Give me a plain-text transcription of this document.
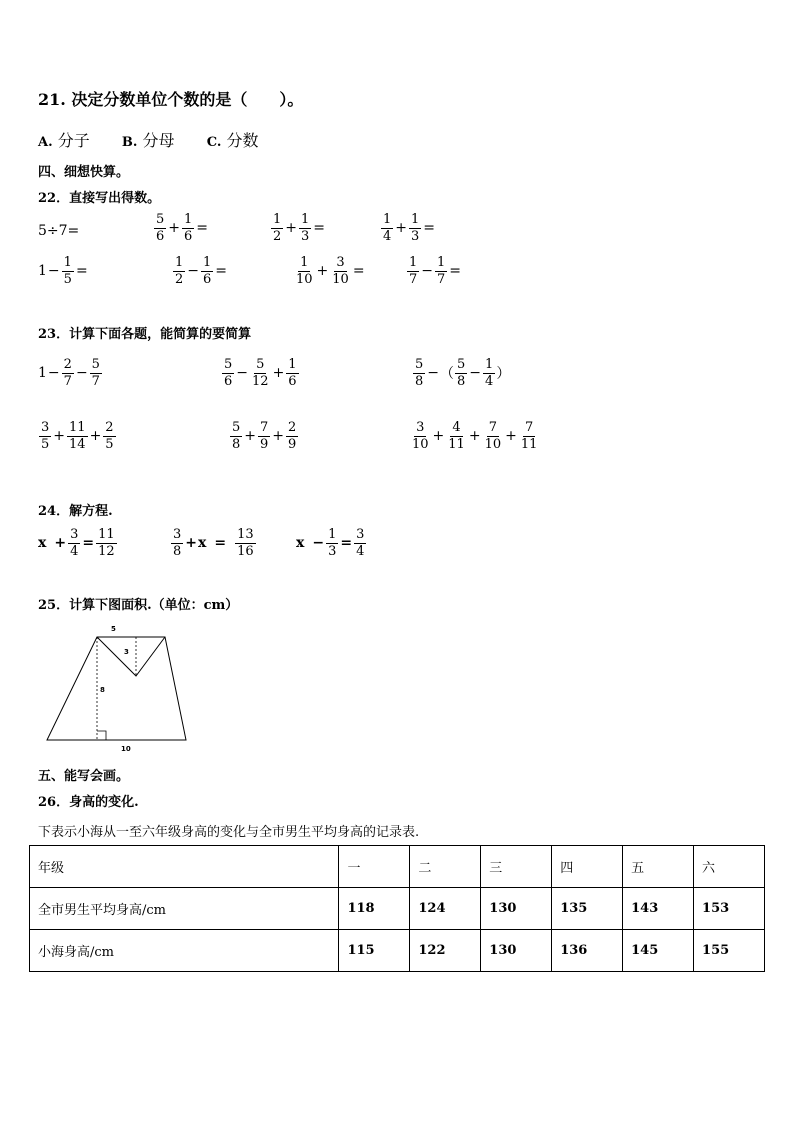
21. 决定分数单位个数的是（　　）。
A. 分子 B. 分母 C. 分数
四、细想快算。
22．直接写出得数。
5÷7=	$\frac{5}{6} + \frac{1}{6}$ =	$\frac{1}{2} + \frac{1}{3}$ =	$\frac{1}{4} + \frac{1}{3}$ =
$1 - \frac{1}{5}$ =	$\frac{1}{2} - \frac{1}{6}$ =	$\frac{1}{10} + \frac{3}{10}$ =	$\frac{1}{7} - \frac{1}{7}$ =
23．计算下面各题，能简算的要简算
$1 - \frac{2}{7} - \frac{5}{7}$	$\frac{5}{6} - \frac{5}{12} + \frac{1}{6}$	$\frac{5}{8}$ − （ $\frac{5}{8} - \frac{1}{4}$ ）
$\frac{3}{5} + \frac{11}{14} + \frac{2}{5}$	$\frac{5}{8} + \frac{7}{9} + \frac{2}{9}$	$\frac{3}{10} + \frac{4}{11} + \frac{7}{10} + \frac{7}{11}$
24．解方程.
$x + \frac{3}{4} = \frac{11}{12}$	$\frac{3}{8} + x = \frac{13}{16}$	$x - \frac{1}{3} = \frac{3}{4}$
25．计算下图面积.（单位：cm）
5
3
8
10
五、能写会画。
26．身高的变化.
下表示小海从一至六年级身高的变化与全市男生平均身高的记录表.
年级	一	二	三	四	五	六
全市男生平均身高/cm	118	124	130	135	143	153
小海身高/cm	115	122	130	136	145	155
